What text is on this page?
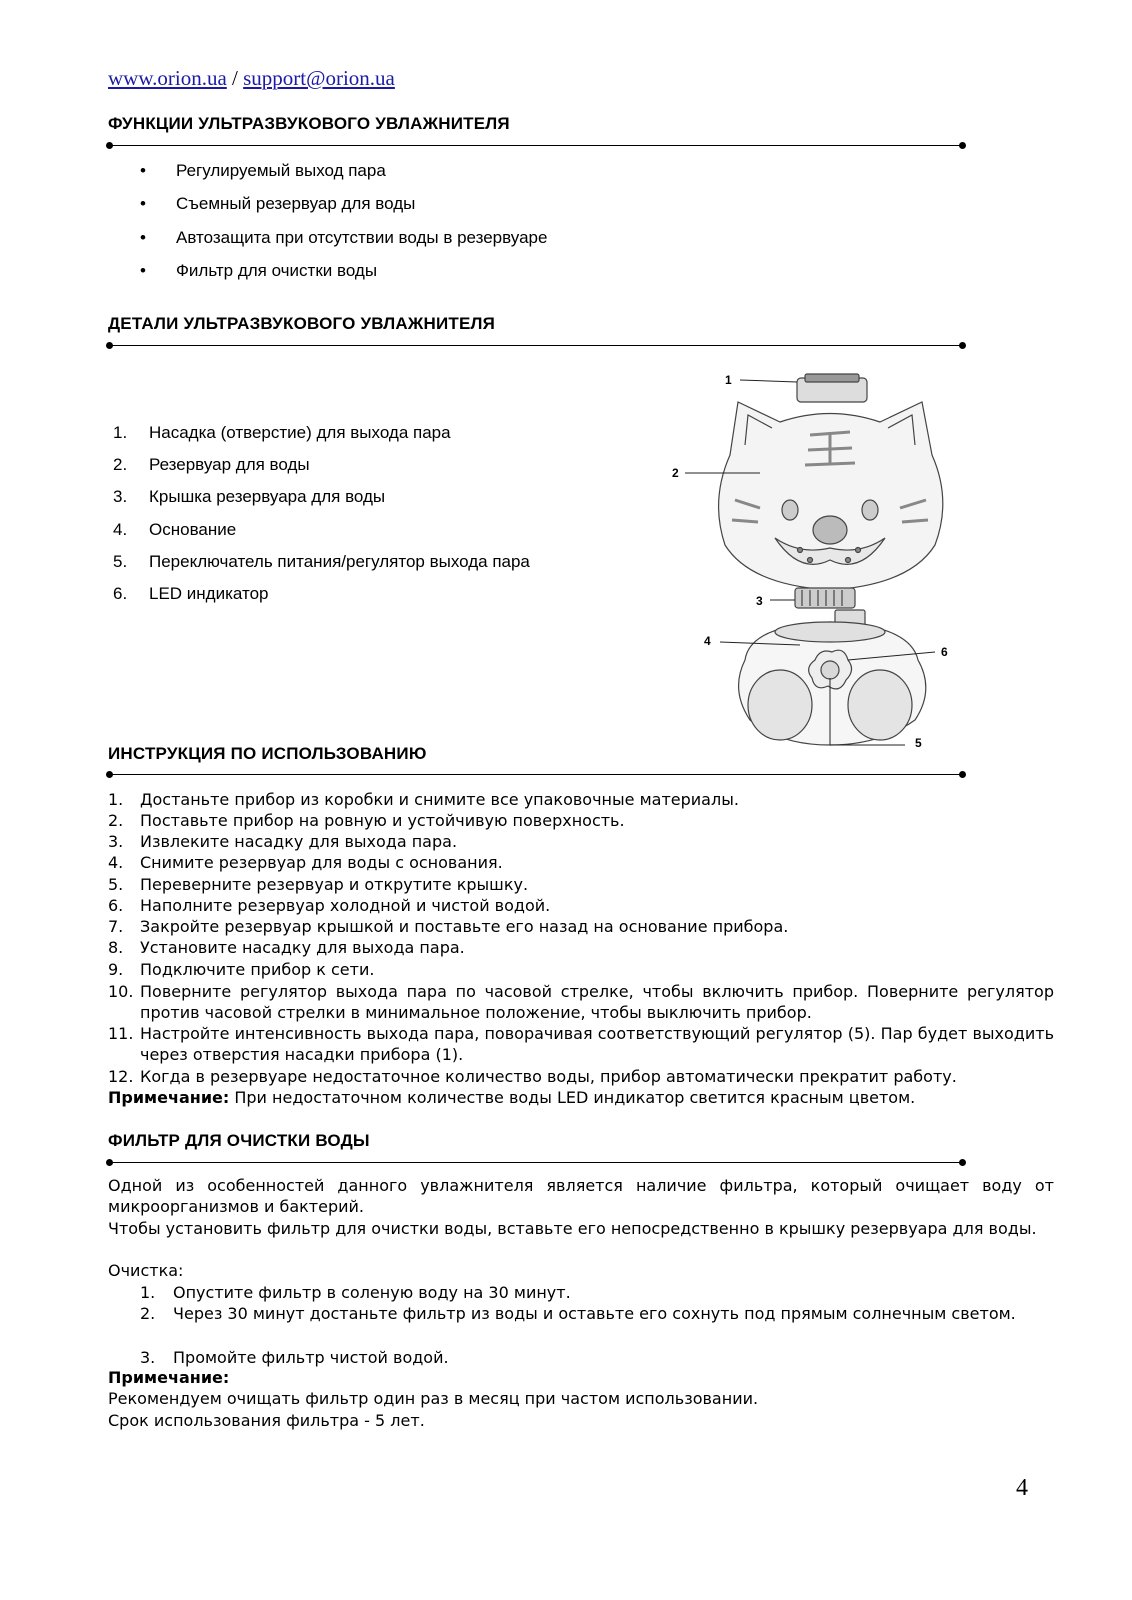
www.orion.ua / support@orion.ua
ФУНКЦИИ УЛЬТРАЗВУКОВОГО УВЛАЖНИТЕЛЯ
• Регулируемый выход пара
• Съемный резервуар для воды
• Автозащита при отсутствии воды в резервуаре
• Фильтр для очистки воды
ДЕТАЛИ УЛЬТРАЗВУКОВОГО УВЛАЖНИТЕЛЯ
1. Насадка (отверстие) для выхода пара
2. Резервуар для воды
3. Крышка резервуара для воды
4. Основание
5. Переключатель питания/регулятор выхода пара
6. LED индикатор
1
2
3
4
5
6
ИНСТРУКЦИЯ ПО ИСПОЛЬЗОВАНИЮ
1. Достаньте прибор из коробки и снимите все упаковочные материалы.
2. Поставьте прибор на ровную и устойчивую поверхность.
3. Извлеките насадку для выхода пара.
4. Снимите резервуар для воды с основания.
5. Переверните резервуар и открутите крышку.
6. Наполните резервуар холодной и чистой водой.
7. Закройте резервуар крышкой и поставьте его назад на основание прибора.
8. Установите насадку для выхода пара.
9. Подключите прибор к сети.
10. Поверните регулятор выхода пара по часовой стрелке, чтобы включить прибор. Поверните регулятор против часовой стрелки в минимальное положение, чтобы выключить прибор.
11. Настройте интенсивность выхода пара, поворачивая соответствующий регулятор (5). Пар будет выходить через отверстия насадки прибора (1).
12. Когда в резервуаре недостаточное количество воды, прибор автоматически прекратит работу.
Примечание: При недостаточном количестве воды LED индикатор светится красным цветом.
ФИЛЬТР ДЛЯ ОЧИСТКИ ВОДЫ
Одной из особенностей данного увлажнителя является наличие фильтра, который очищает воду от микроорганизмов и бактерий.
Чтобы установить фильтр для очистки воды, вставьте его непосредственно в крышку резервуара для воды.
Очистка:
1. Опустите фильтр в соленую воду на 30 минут.
2. Через 30 минут достаньте фильтр из воды и оставьте его сохнуть под прямым солнечным светом.
3. Промойте фильтр чистой водой.
Примечание:
Рекомендуем очищать фильтр один раз в месяц при частом использовании.
Срок использования фильтра - 5 лет.
4
